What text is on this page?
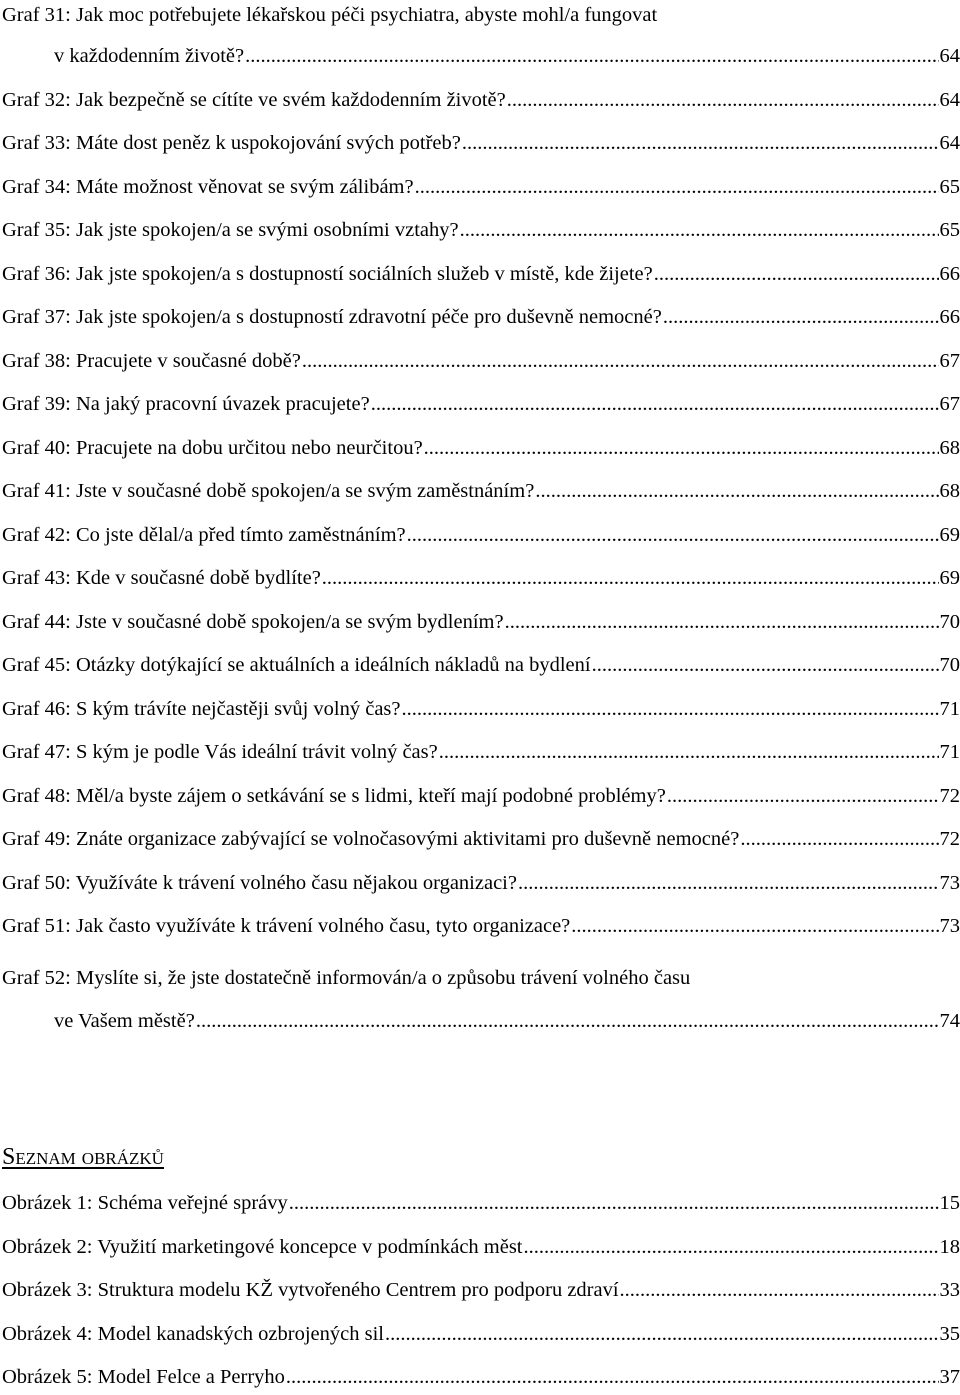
Graf 31: Jak moc potřebujete lékařskou péči psychiatra, abyste mohl/a fungovat
v každodenním životě? .....	64
Graf 32: Jak bezpečně se cítíte ve svém každodenním životě? .....	64
Graf 33: Máte dost peněz k uspokojování svých potřeb? .....	64
Graf 34: Máte možnost věnovat se svým zálibám? .....	65
Graf 35: Jak jste spokojen/a se svými osobními vztahy? .....	65
Graf 36: Jak jste spokojen/a s dostupností sociálních služeb v místě, kde žijete? .....	66
Graf 37: Jak jste spokojen/a s dostupností zdravotní péče pro duševně nemocné? .....	66
Graf 38: Pracujete v současné době? .....	67
Graf 39: Na jaký pracovní úvazek pracujete? .....	67
Graf 40: Pracujete na dobu určitou nebo neurčitou? .....	68
Graf 41: Jste v současné době spokojen/a se svým zaměstnáním? .....	68
Graf 42: Co jste dělal/a před tímto zaměstnáním? .....	69
Graf 43: Kde v současné době bydlíte? .....	69
Graf 44: Jste v současné době spokojen/a se svým bydlením? .....	70
Graf 45: Otázky dotýkající se aktuálních a ideálních nákladů na bydlení .....	70
Graf 46: S kým trávíte nejčastěji svůj volný čas? .....	71
Graf 47: S kým je podle Vás ideální trávit volný čas? .....	71
Graf 48: Měl/a byste zájem o setkávání se s lidmi, kteří mají podobné problémy? .....	72
Graf 49: Znáte organizace zabývající se volnočasovými aktivitami pro duševně nemocné? .....	72
Graf 50: Využíváte k trávení volného času nějakou organizaci? .....	73
Graf 51: Jak často využíváte k trávení volného času, tyto organizace? .....	73
Graf 52: Myslíte si, že jste dostatečně informován/a o způsobu trávení volného času
ve Vašem městě? .....	74
Seznam obrázků
Obrázek 1: Schéma veřejné správy .....	15
Obrázek 2: Využití marketingové koncepce v podmínkách měst .....	18
Obrázek 3: Struktura modelu KŽ vytvořeného Centrem pro podporu zdraví .....	33
Obrázek 4: Model kanadských ozbrojených sil .....	35
Obrázek 5: Model Felce a Perryho .....	37
